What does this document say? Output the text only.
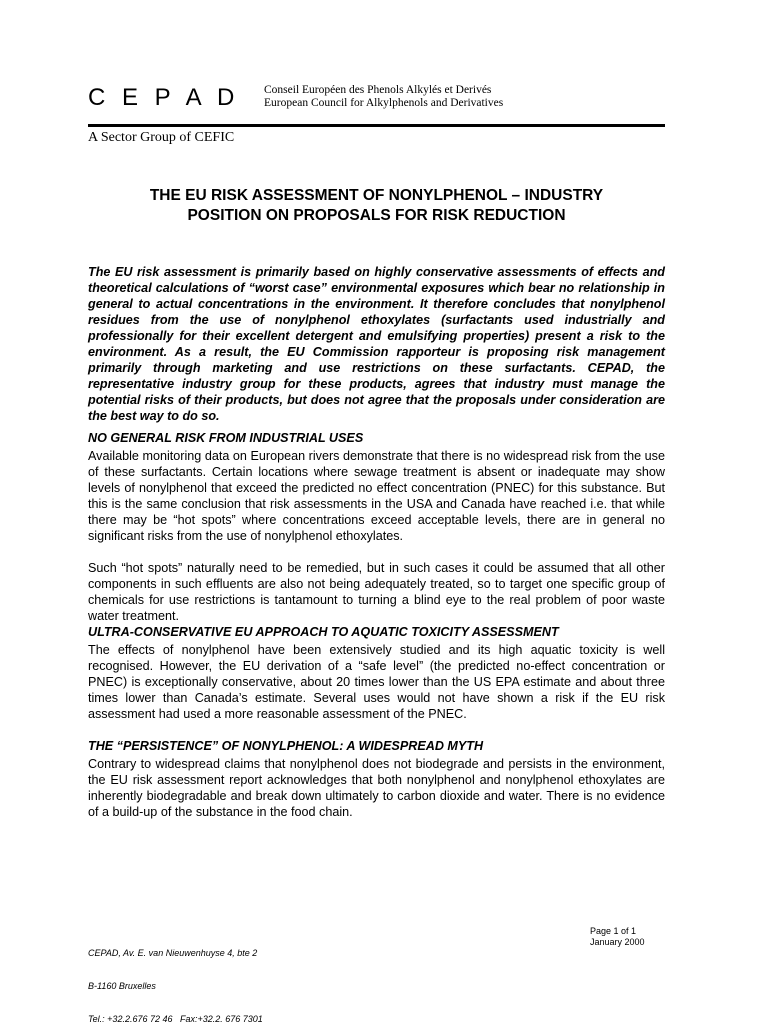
C E P A D Conseil Européen des Phenols Alkylés et Derivés
European Council for Alkylphenols and Derivatives
A Sector Group of CEFIC
THE EU RISK ASSESSMENT OF NONYLPHENOL – INDUSTRY
POSITION ON PROPOSALS FOR RISK REDUCTION
The EU risk assessment is primarily based on highly conservative assessments of effects and theoretical calculations of “worst case” environmental exposures which bear no relationship in general to actual concentrations in the environment. It therefore concludes that nonylphenol residues from the use of nonylphenol ethoxylates (surfactants used industrially and professionally for their excellent detergent and emulsifying properties) present a risk to the environment. As a result, the EU Commission rapporteur is proposing risk management primarily through marketing and use restrictions on these surfactants. CEPAD, the representative industry group for these products, agrees that industry must manage the potential risks of their products, but does not agree that the proposals under consideration are the best way to do so.
NO GENERAL RISK FROM INDUSTRIAL USES
Available monitoring data on European rivers demonstrate that there is no widespread risk from the use of these surfactants. Certain locations where sewage treatment is absent or inadequate may show levels of nonylphenol that exceed the predicted no effect concentration (PNEC) for this substance. But this is the same conclusion that risk assessments in the USA and Canada have reached i.e. that while there may be “hot spots” where concentrations exceed acceptable levels, there are in general no significant risks from the use of nonylphenol ethoxylates.
Such “hot spots” naturally need to be remedied, but in such cases it could be assumed that all other components in such effluents are also not being adequately treated, so to target one specific group of chemicals for use restrictions is tantamount to turning a blind eye to the real problem of poor waste water treatment.
ULTRA-CONSERVATIVE EU APPROACH TO AQUATIC TOXICITY ASSESSMENT
The effects of nonylphenol have been extensively studied and its high aquatic toxicity is well recognised. However, the EU derivation of a “safe level” (the predicted no-effect concentration or PNEC) is exceptionally conservative, about 20 times lower than the US EPA estimate and about three times lower than Canada’s estimate. Several uses would not have shown a risk if the EU risk assessment had used a more reasonable assessment of the PNEC.
THE “PERSISTENCE” OF NONYLPHENOL: A WIDESPREAD MYTH
Contrary to widespread claims that nonylphenol does not biodegrade and persists in the environment, the EU risk assessment report acknowledges that both nonylphenol and nonylphenol ethoxylates are inherently biodegradable and break down ultimately to carbon dioxide and water. There is no evidence of a build-up of the substance in the food chain.

CEPAD, Av. E. van Nieuwenhuyse 4, bte 2

B-1160 Bruxelles

Tel.: +32.2.676 72 46   Fax:+32.2. 676 7301

Page 1 of 1
January 2000
